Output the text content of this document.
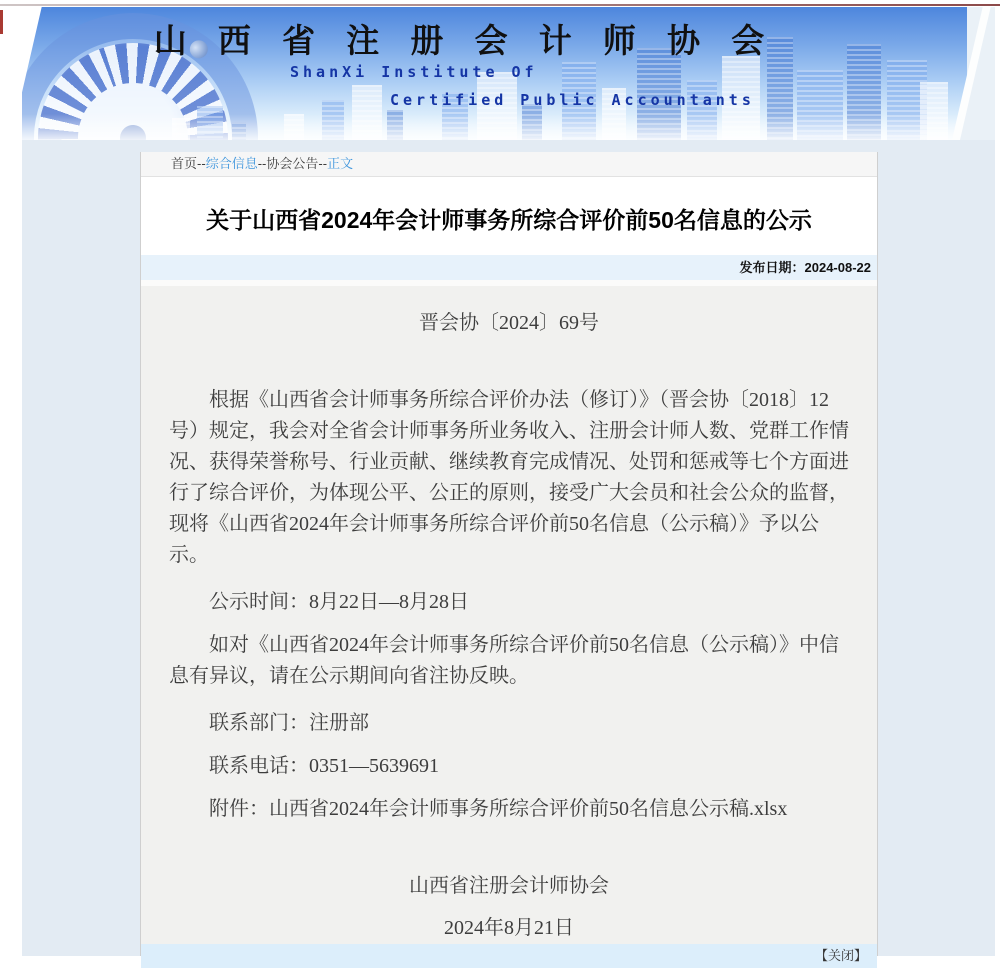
山 西 省 注 册 会 计 师 协 会
ShanXi Institute Of
Certified Public Accountants
首页--综合信息--协会公告--正文
关于山西省2024年会计师事务所综合评价前50名信息的公示
发布日期：2024-08-22

晋会协〔2024〕69号

根据《山西省会计师事务所综合评价办法（修订）》（晋会协〔2018〕12号）规定，我会对全省会计师事务所业务收入、注册会计师人数、党群工作情况、获得荣誉称号、行业贡献、继续教育完成情况、处罚和惩戒等七个方面进行了综合评价，为体现公平、公正的原则，接受广大会员和社会公众的监督，现将《山西省2024年会计师事务所综合评价前50名信息（公示稿）》予以公示。

公示时间：8月22日—8月28日

如对《山西省2024年会计师事务所综合评价前50名信息（公示稿）》中信息有异议，请在公示期间向省注协反映。

联系部门：注册部

联系电话：0351—5639691

附件：山西省2024年会计师事务所综合评价前50名信息公示稿.xlsx

山西省注册会计师协会

2024年8月21日

【关闭】
